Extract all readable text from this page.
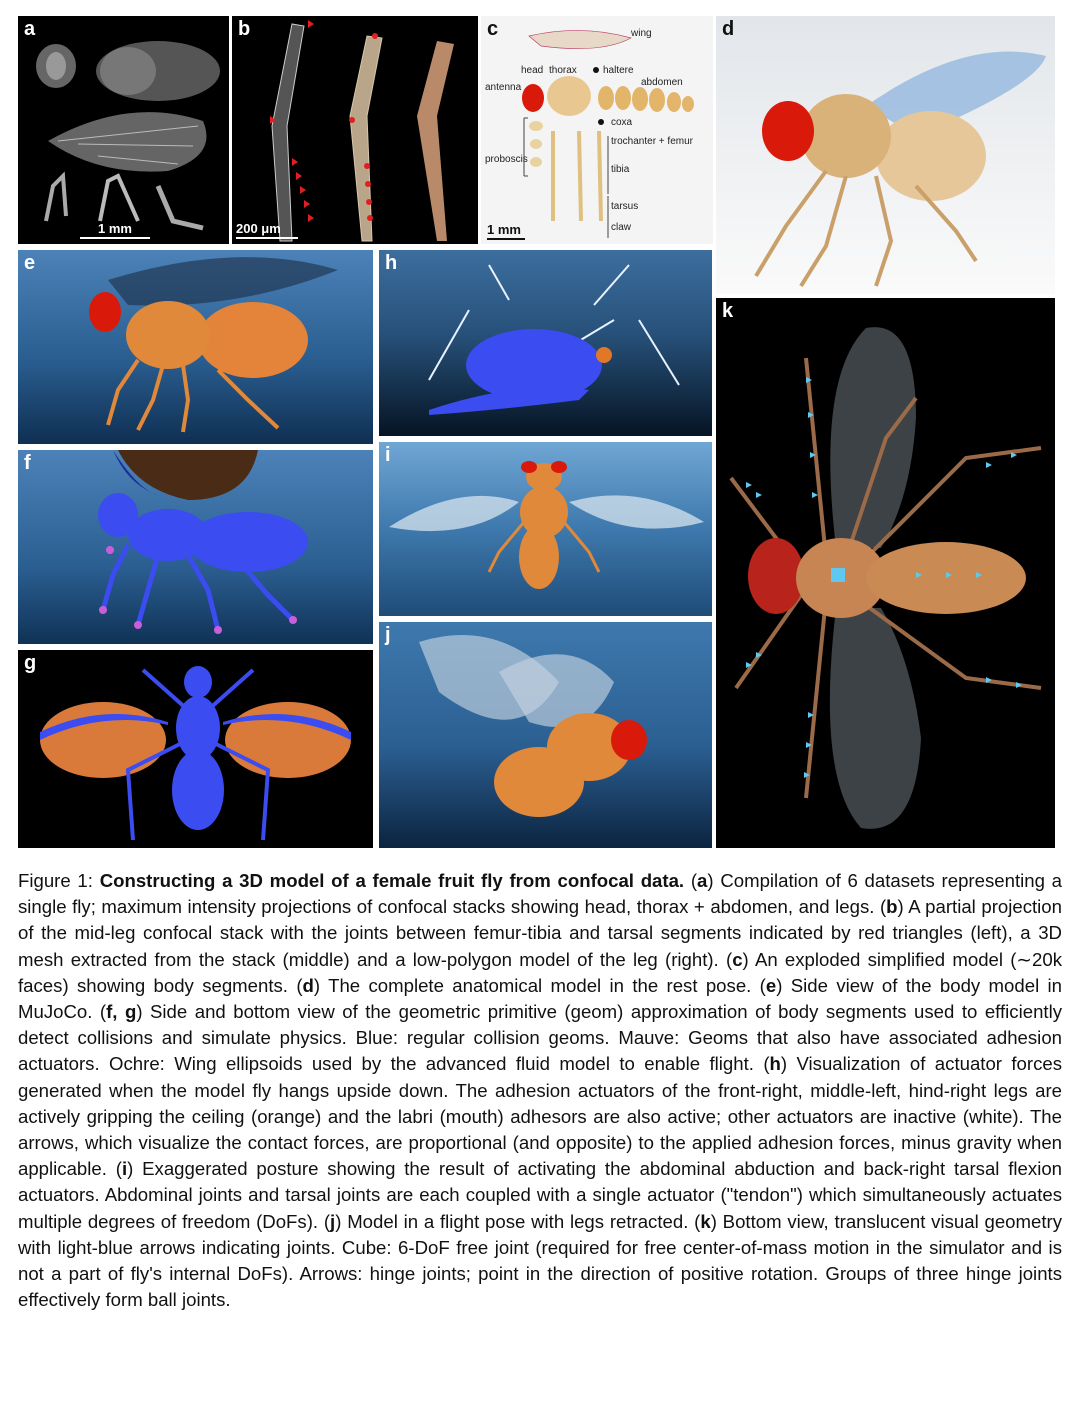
a
1 mm
b
200 μm
c	wing
head thorax	haltere
abdomen
antenna
coxa
trochanter + femur
proboscis
tibia
tarsus
claw
1 mm
d
e
f
g
h
i
j
k
Figure 1: Constructing a 3D model of a female fruit fly from confocal data. (a) Compilation of 6 datasets representing a single fly; maximum intensity projections of confocal stacks showing head, thorax + abdomen, and legs. (b) A partial projection of the mid-leg confocal stack with the joints between femur-tibia and tarsal segments indicated by red triangles (left), a 3D mesh extracted from the stack (middle) and a low-polygon model of the leg (right). (c) An exploded simplified model (∼20k faces) showing body segments. (d) The complete anatomical model in the rest pose. (e) Side view of the body model in MuJoCo. (f, g) Side and bottom view of the geometric primitive (geom) approximation of body segments used to efficiently detect collisions and simulate physics. Blue: regular collision geoms. Mauve: Geoms that also have associated adhesion actuators. Ochre: Wing ellipsoids used by the advanced fluid model to enable flight. (h) Visualization of actuator forces generated when the model fly hangs upside down. The adhesion actuators of the front-right, middle-left, hind-right legs are actively gripping the ceiling (orange) and the labri (mouth) adhesors are also active; other actuators are inactive (white). The arrows, which visualize the contact forces, are proportional (and opposite) to the applied adhesion forces, minus gravity when applicable. (i) Exaggerated posture showing the result of activating the abdominal abduction and back-right tarsal flexion actuators. Abdominal joints and tarsal joints are each coupled with a single actuator ("tendon") which simultaneously actuates multiple degrees of freedom (DoFs). (j) Model in a flight pose with legs retracted. (k) Bottom view, translucent visual geometry with light-blue arrows indicating joints. Cube: 6-DoF free joint (required for free center-of-mass motion in the simulator and is not a part of fly's internal DoFs). Arrows: hinge joints; point in the direction of positive rotation. Groups of three hinge joints effectively form ball joints.
